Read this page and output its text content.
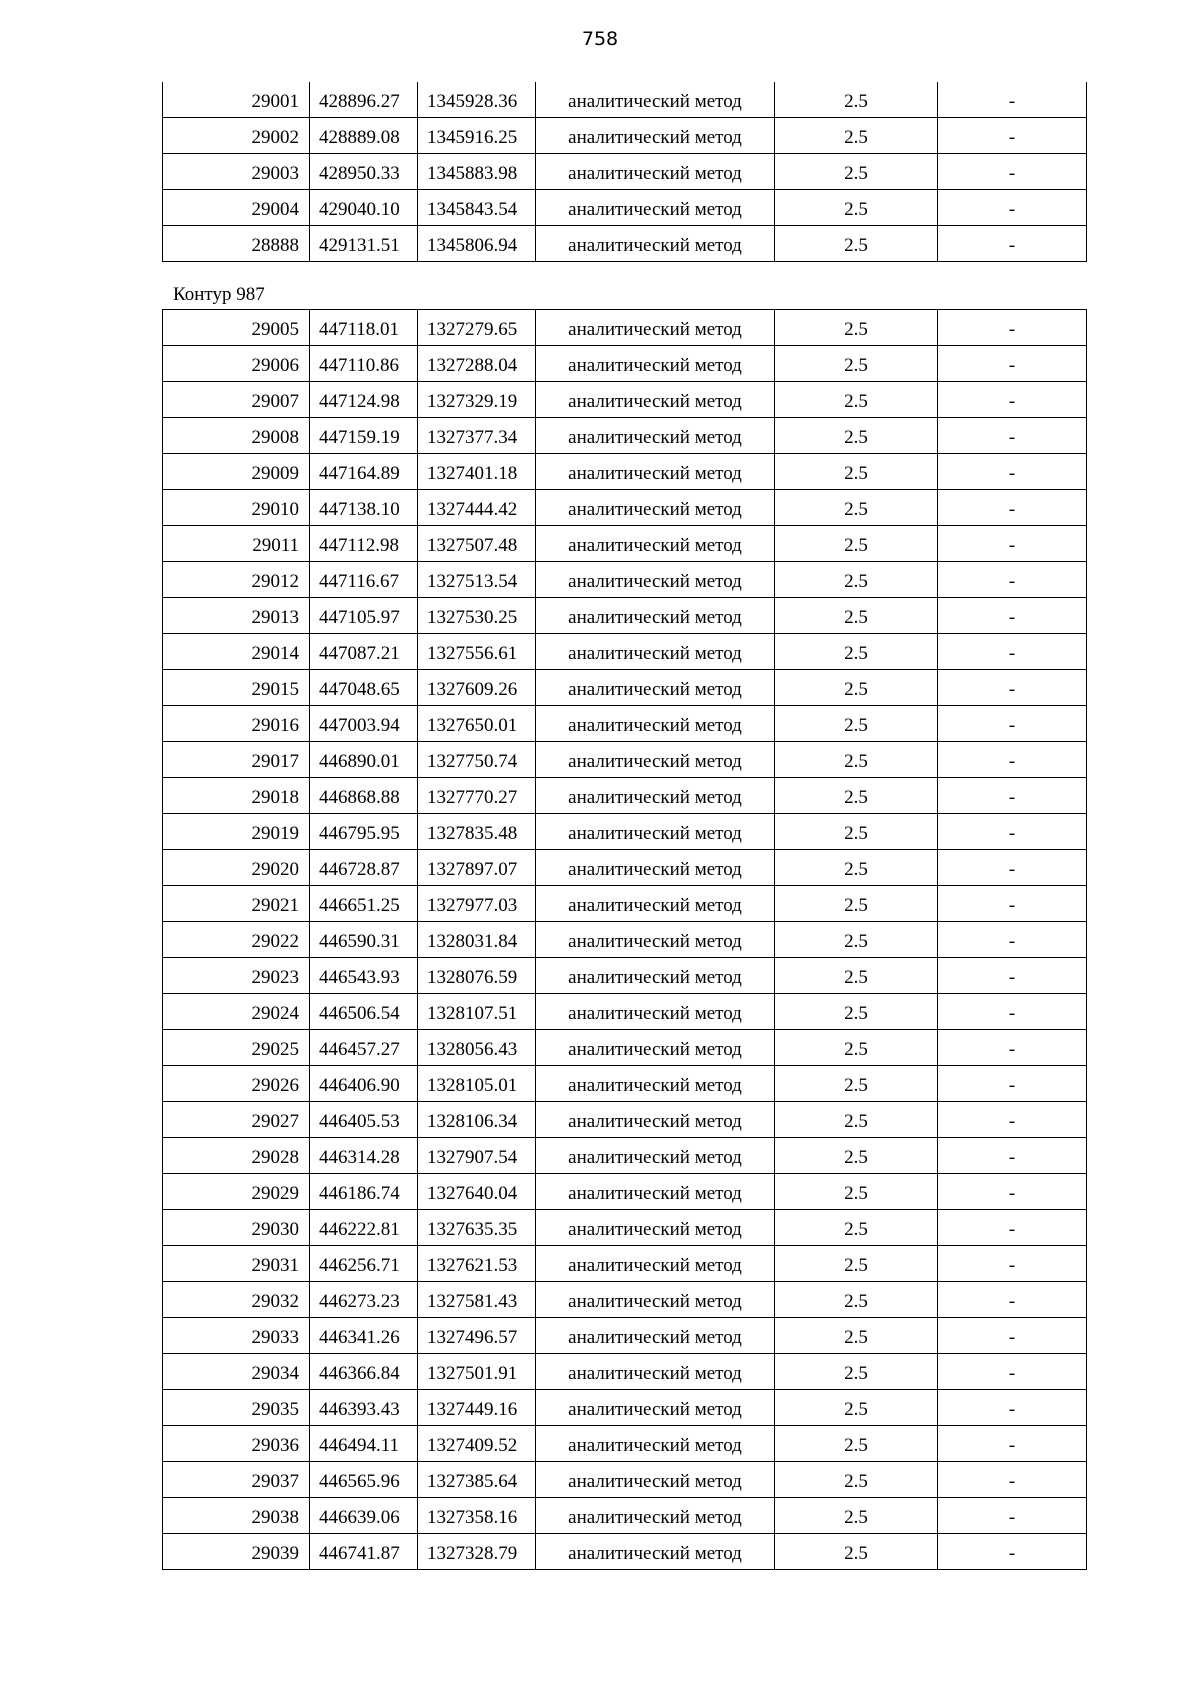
758
29001	428896.27	1345928.36	аналитический метод	2.5	-
29002	428889.08	1345916.25	аналитический метод	2.5	-
29003	428950.33	1345883.98	аналитический метод	2.5	-
29004	429040.10	1345843.54	аналитический метод	2.5	-
28888	429131.51	1345806.94	аналитический метод	2.5	-
Контур 987
29005	447118.01	1327279.65	аналитический метод	2.5	-
29006	447110.86	1327288.04	аналитический метод	2.5	-
29007	447124.98	1327329.19	аналитический метод	2.5	-
29008	447159.19	1327377.34	аналитический метод	2.5	-
29009	447164.89	1327401.18	аналитический метод	2.5	-
29010	447138.10	1327444.42	аналитический метод	2.5	-
29011	447112.98	1327507.48	аналитический метод	2.5	-
29012	447116.67	1327513.54	аналитический метод	2.5	-
29013	447105.97	1327530.25	аналитический метод	2.5	-
29014	447087.21	1327556.61	аналитический метод	2.5	-
29015	447048.65	1327609.26	аналитический метод	2.5	-
29016	447003.94	1327650.01	аналитический метод	2.5	-
29017	446890.01	1327750.74	аналитический метод	2.5	-
29018	446868.88	1327770.27	аналитический метод	2.5	-
29019	446795.95	1327835.48	аналитический метод	2.5	-
29020	446728.87	1327897.07	аналитический метод	2.5	-
29021	446651.25	1327977.03	аналитический метод	2.5	-
29022	446590.31	1328031.84	аналитический метод	2.5	-
29023	446543.93	1328076.59	аналитический метод	2.5	-
29024	446506.54	1328107.51	аналитический метод	2.5	-
29025	446457.27	1328056.43	аналитический метод	2.5	-
29026	446406.90	1328105.01	аналитический метод	2.5	-
29027	446405.53	1328106.34	аналитический метод	2.5	-
29028	446314.28	1327907.54	аналитический метод	2.5	-
29029	446186.74	1327640.04	аналитический метод	2.5	-
29030	446222.81	1327635.35	аналитический метод	2.5	-
29031	446256.71	1327621.53	аналитический метод	2.5	-
29032	446273.23	1327581.43	аналитический метод	2.5	-
29033	446341.26	1327496.57	аналитический метод	2.5	-
29034	446366.84	1327501.91	аналитический метод	2.5	-
29035	446393.43	1327449.16	аналитический метод	2.5	-
29036	446494.11	1327409.52	аналитический метод	2.5	-
29037	446565.96	1327385.64	аналитический метод	2.5	-
29038	446639.06	1327358.16	аналитический метод	2.5	-
29039	446741.87	1327328.79	аналитический метод	2.5	-
